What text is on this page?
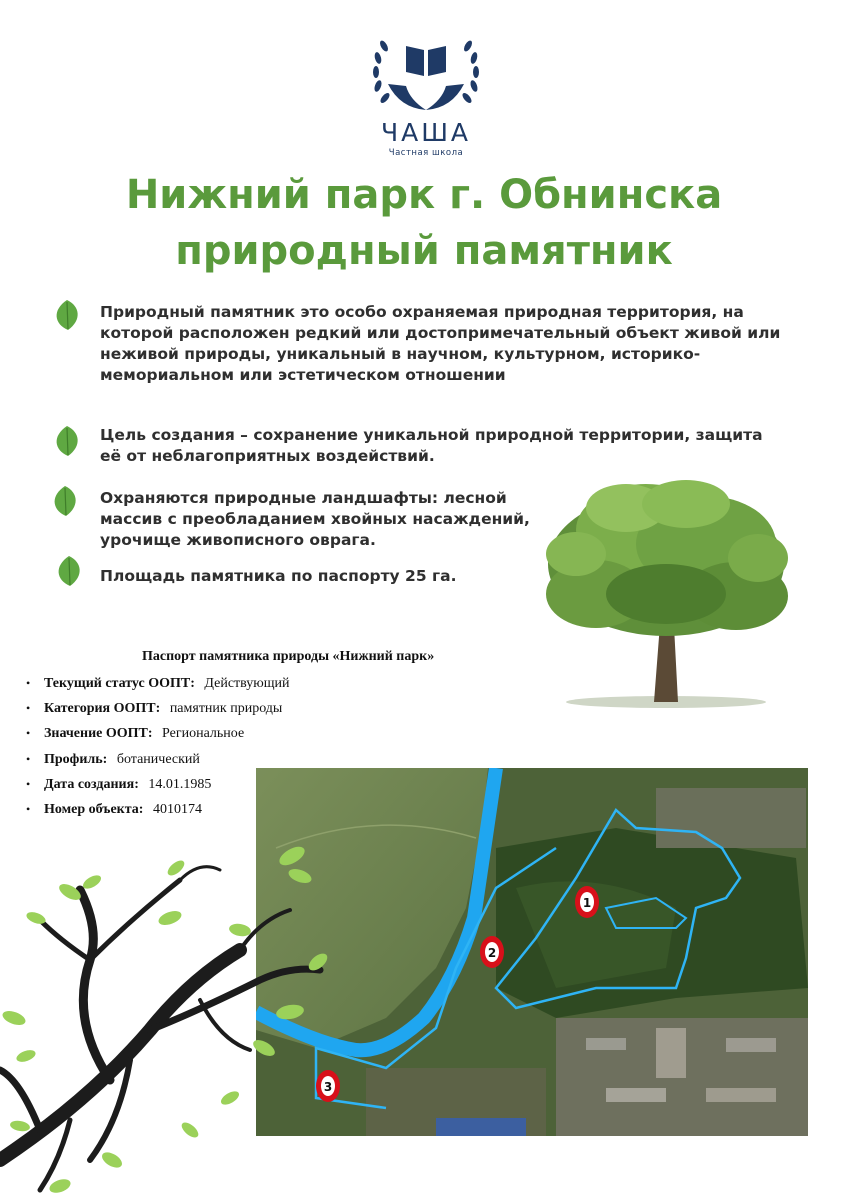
ЧАША
Частная школа
Нижний парк г. Обнинска
природный памятник
Природный памятник это особо охраняемая природная территория, на которой расположен редкий или достопримечательный объект живой или неживой природы, уникальный в научном, культурном, историко-мемориальном или эстетическом отношении
Цель создания – сохранение уникальной природной территории, защита её от неблагоприятных воздействий.
Охраняются природные ландшафты: лесной массив с преобладанием хвойных насаждений, урочище живописного оврага.
Площадь памятника по паспорту 25 га.
Паспорт памятника природы «Нижний парк»
• Текущий статус ООПТ: Действующий
• Категория ООПТ: памятник природы
• Значение ООПТ: Региональное
• Профиль: ботанический
• Дата создания: 14.01.1985
• Номер объекта: 4010174
1
2
3
